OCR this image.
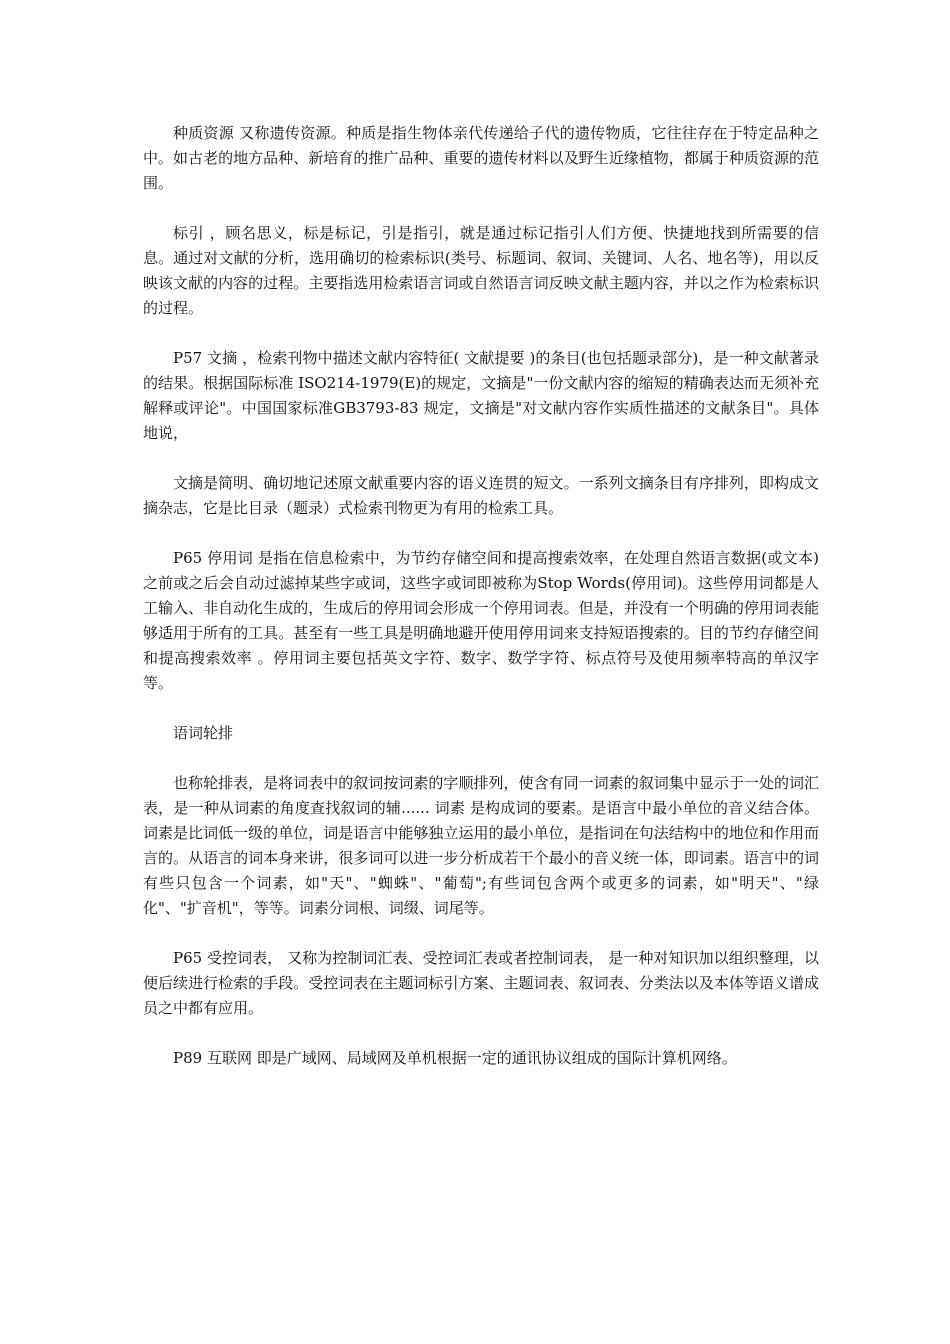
种质资源 又称遗传资源。种质是指生物体亲代传递给子代的遗传物质，它往往存在于特定品种之中。如古老的地方品种、新培育的推广品种、重要的遗传材料以及野生近缘植物，都属于种质资源的范围。

标引 ，顾名思义，标是标记，引是指引，就是通过标记指引人们方便、快捷地找到所需要的信息。通过对文献的分析，选用确切的检索标识(类号、标题词、叙词、关键词、人名、地名等)，用以反映该文献的内容的过程。主要指选用检索语言词或自然语言词反映文献主题内容，并以之作为检索标识的过程。

P57 文摘 ，检索刊物中描述文献内容特征( 文献提要 )的条目(也包括题录部分)，是一种文献著录的结果。根据国际标准 ISO214-1979(E)的规定，文摘是"一份文献内容的缩短的精确表达而无须补充解释或评论"。中国国家标准GB3793-83 规定，文摘是"对文献内容作实质性描述的文献条目"。具体地说，

文摘是简明、确切地记述原文献重要内容的语义连贯的短文。一系列文摘条目有序排列，即构成文摘杂志，它是比目录（题录）式检索刊物更为有用的检索工具。

P65 停用词 是指在信息检索中，为节约存储空间和提高搜索效率，在处理自然语言数据(或文本)之前或之后会自动过滤掉某些字或词，这些字或词即被称为Stop Words(停用词)。这些停用词都是人工输入、非自动化生成的，生成后的停用词会形成一个停用词表。但是，并没有一个明确的停用词表能够适用于所有的工具。甚至有一些工具是明确地避开使用停用词来支持短语搜索的。目的节约存储空间和提高搜索效率 。停用词主要包括英文字符、数字、数学字符、标点符号及使用频率特高的单汉字等。

语词轮排

也称轮排表，是将词表中的叙词按词素的字顺排列，使含有同一词素的叙词集中显示于一处的词汇表，是一种从词素的角度查找叙词的辅...... 词素 是构成词的要素。是语言中最小单位的音义结合体。词素是比词低一级的单位，词是语言中能够独立运用的最小单位，是指词在句法结构中的地位和作用而言的。从语言的词本身来讲，很多词可以进一步分析成若干个最小的音义统一体，即词素。语言中的词有些只包含一个词素，如"天"、"蜘蛛"、"葡萄";有些词包含两个或更多的词素，如"明天"、"绿化"、"扩音机"，等等。词素分词根、词缀、词尾等。

P65 受控词表， 又称为控制词汇表、受控词汇表或者控制词表， 是一种对知识加以组织整理，以便后续进行检索的手段。受控词表在主题词标引方案、主题词表、叙词表、分类法以及本体等语义谱成员之中都有应用。

P89 互联网 即是广域网、局域网及单机根据一定的通讯协议组成的国际计算机网络。
